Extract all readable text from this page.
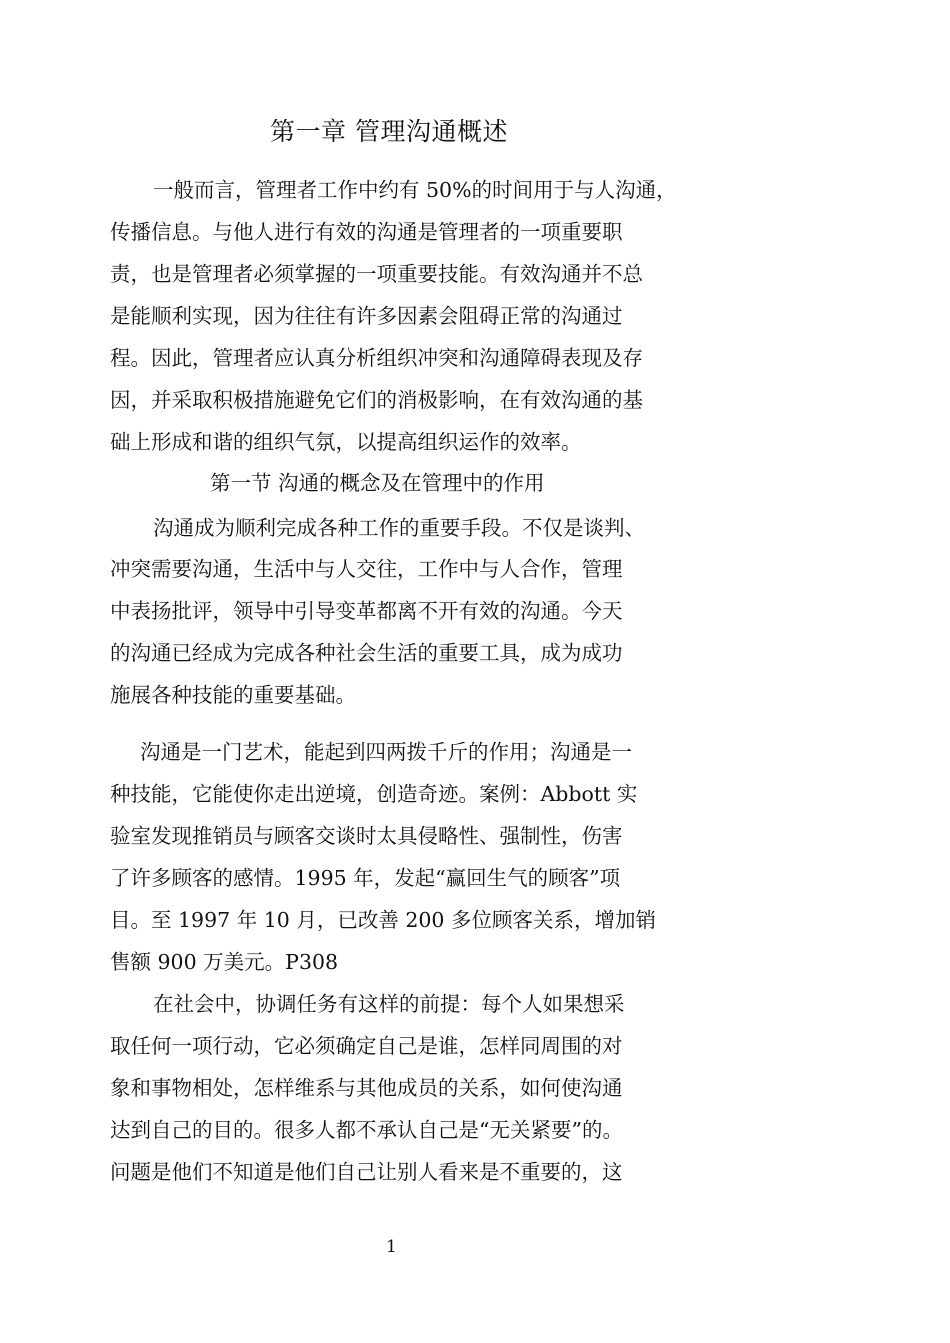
第一章 管理沟通概述
一般而言，管理者工作中约有 50%的时间用于与人沟通，
传播信息。与他人进行有效的沟通是管理者的一项重要职
责，也是管理者必须掌握的一项重要技能。有效沟通并不总
是能顺利实现，因为往往有许多因素会阻碍正常的沟通过
程。因此，管理者应认真分析组织冲突和沟通障碍表现及存
因，并采取积极措施避免它们的消极影响，在有效沟通的基
础上形成和谐的组织气氛，以提高组织运作的效率。
第一节 沟通的概念及在管理中的作用
沟通成为顺利完成各种工作的重要手段。不仅是谈判、
冲突需要沟通，生活中与人交往，工作中与人合作，管理
中表扬批评，领导中引导变革都离不开有效的沟通。今天
的沟通已经成为完成各种社会生活的重要工具，成为成功
施展各种技能的重要基础。
沟通是一门艺术，能起到四两拨千斤的作用；沟通是一
种技能，它能使你走出逆境，创造奇迹。案例：Abbott 实
验室发现推销员与顾客交谈时太具侵略性、强制性，伤害
了许多顾客的感情。1995 年，发起“赢回生气的顾客”项
目。至 1997 年 10 月，已改善 200 多位顾客关系，增加销
售额 900 万美元。P308
在社会中，协调任务有这样的前提：每个人如果想采
取任何一项行动，它必须确定自己是谁，怎样同周围的对
象和事物相处，怎样维系与其他成员的关系，如何使沟通
达到自己的目的。很多人都不承认自己是“无关紧要”的。
问题是他们不知道是他们自己让别人看来是不重要的，这
1
